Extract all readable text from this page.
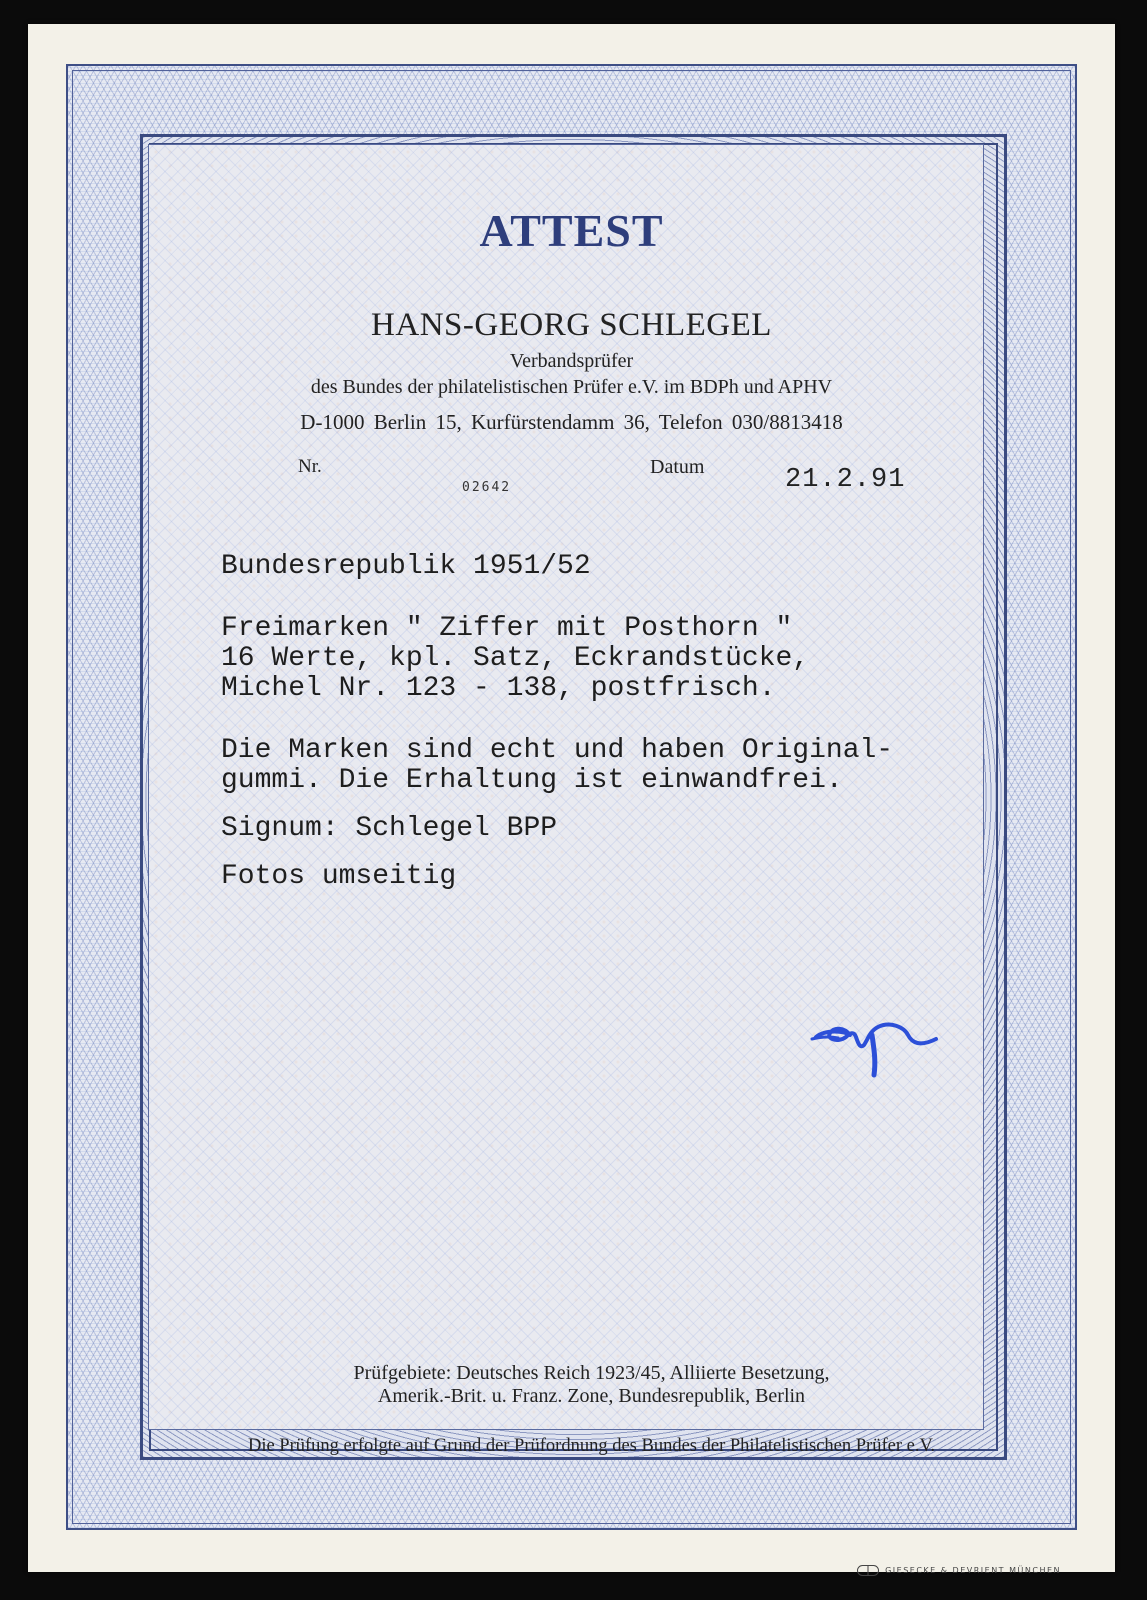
ATTEST
HANS-GEORG SCHLEGEL
Verbandsprüfer
des Bundes der philatelistischen Prüfer e.V. im BDPh und APHV
D-1000 Berlin 15, Kurfürstendamm 36, Telefon 030/8813418
Nr.
02642
Datum	21.2.91
Bundesrepublik 1951/52
Freimarken " Ziffer mit Posthorn "
16 Werte, kpl. Satz, Eckrandstücke,
Michel Nr. 123 - 138, postfrisch.
Die Marken sind echt und haben Original-
gummi. Die Erhaltung ist einwandfrei.
Signum: Schlegel BPP
Fotos umseitig
Prüfgebiete: Deutsches Reich 1923/45, Alliierte Besetzung,
Amerik.-Brit. u. Franz. Zone, Bundesrepublik, Berlin
Die Prüfung erfolgte auf Grund der Prüfordnung des Bundes der Philatelistischen Prüfer e.V.
GIESECKE & DEVRIENT MÜNCHEN
